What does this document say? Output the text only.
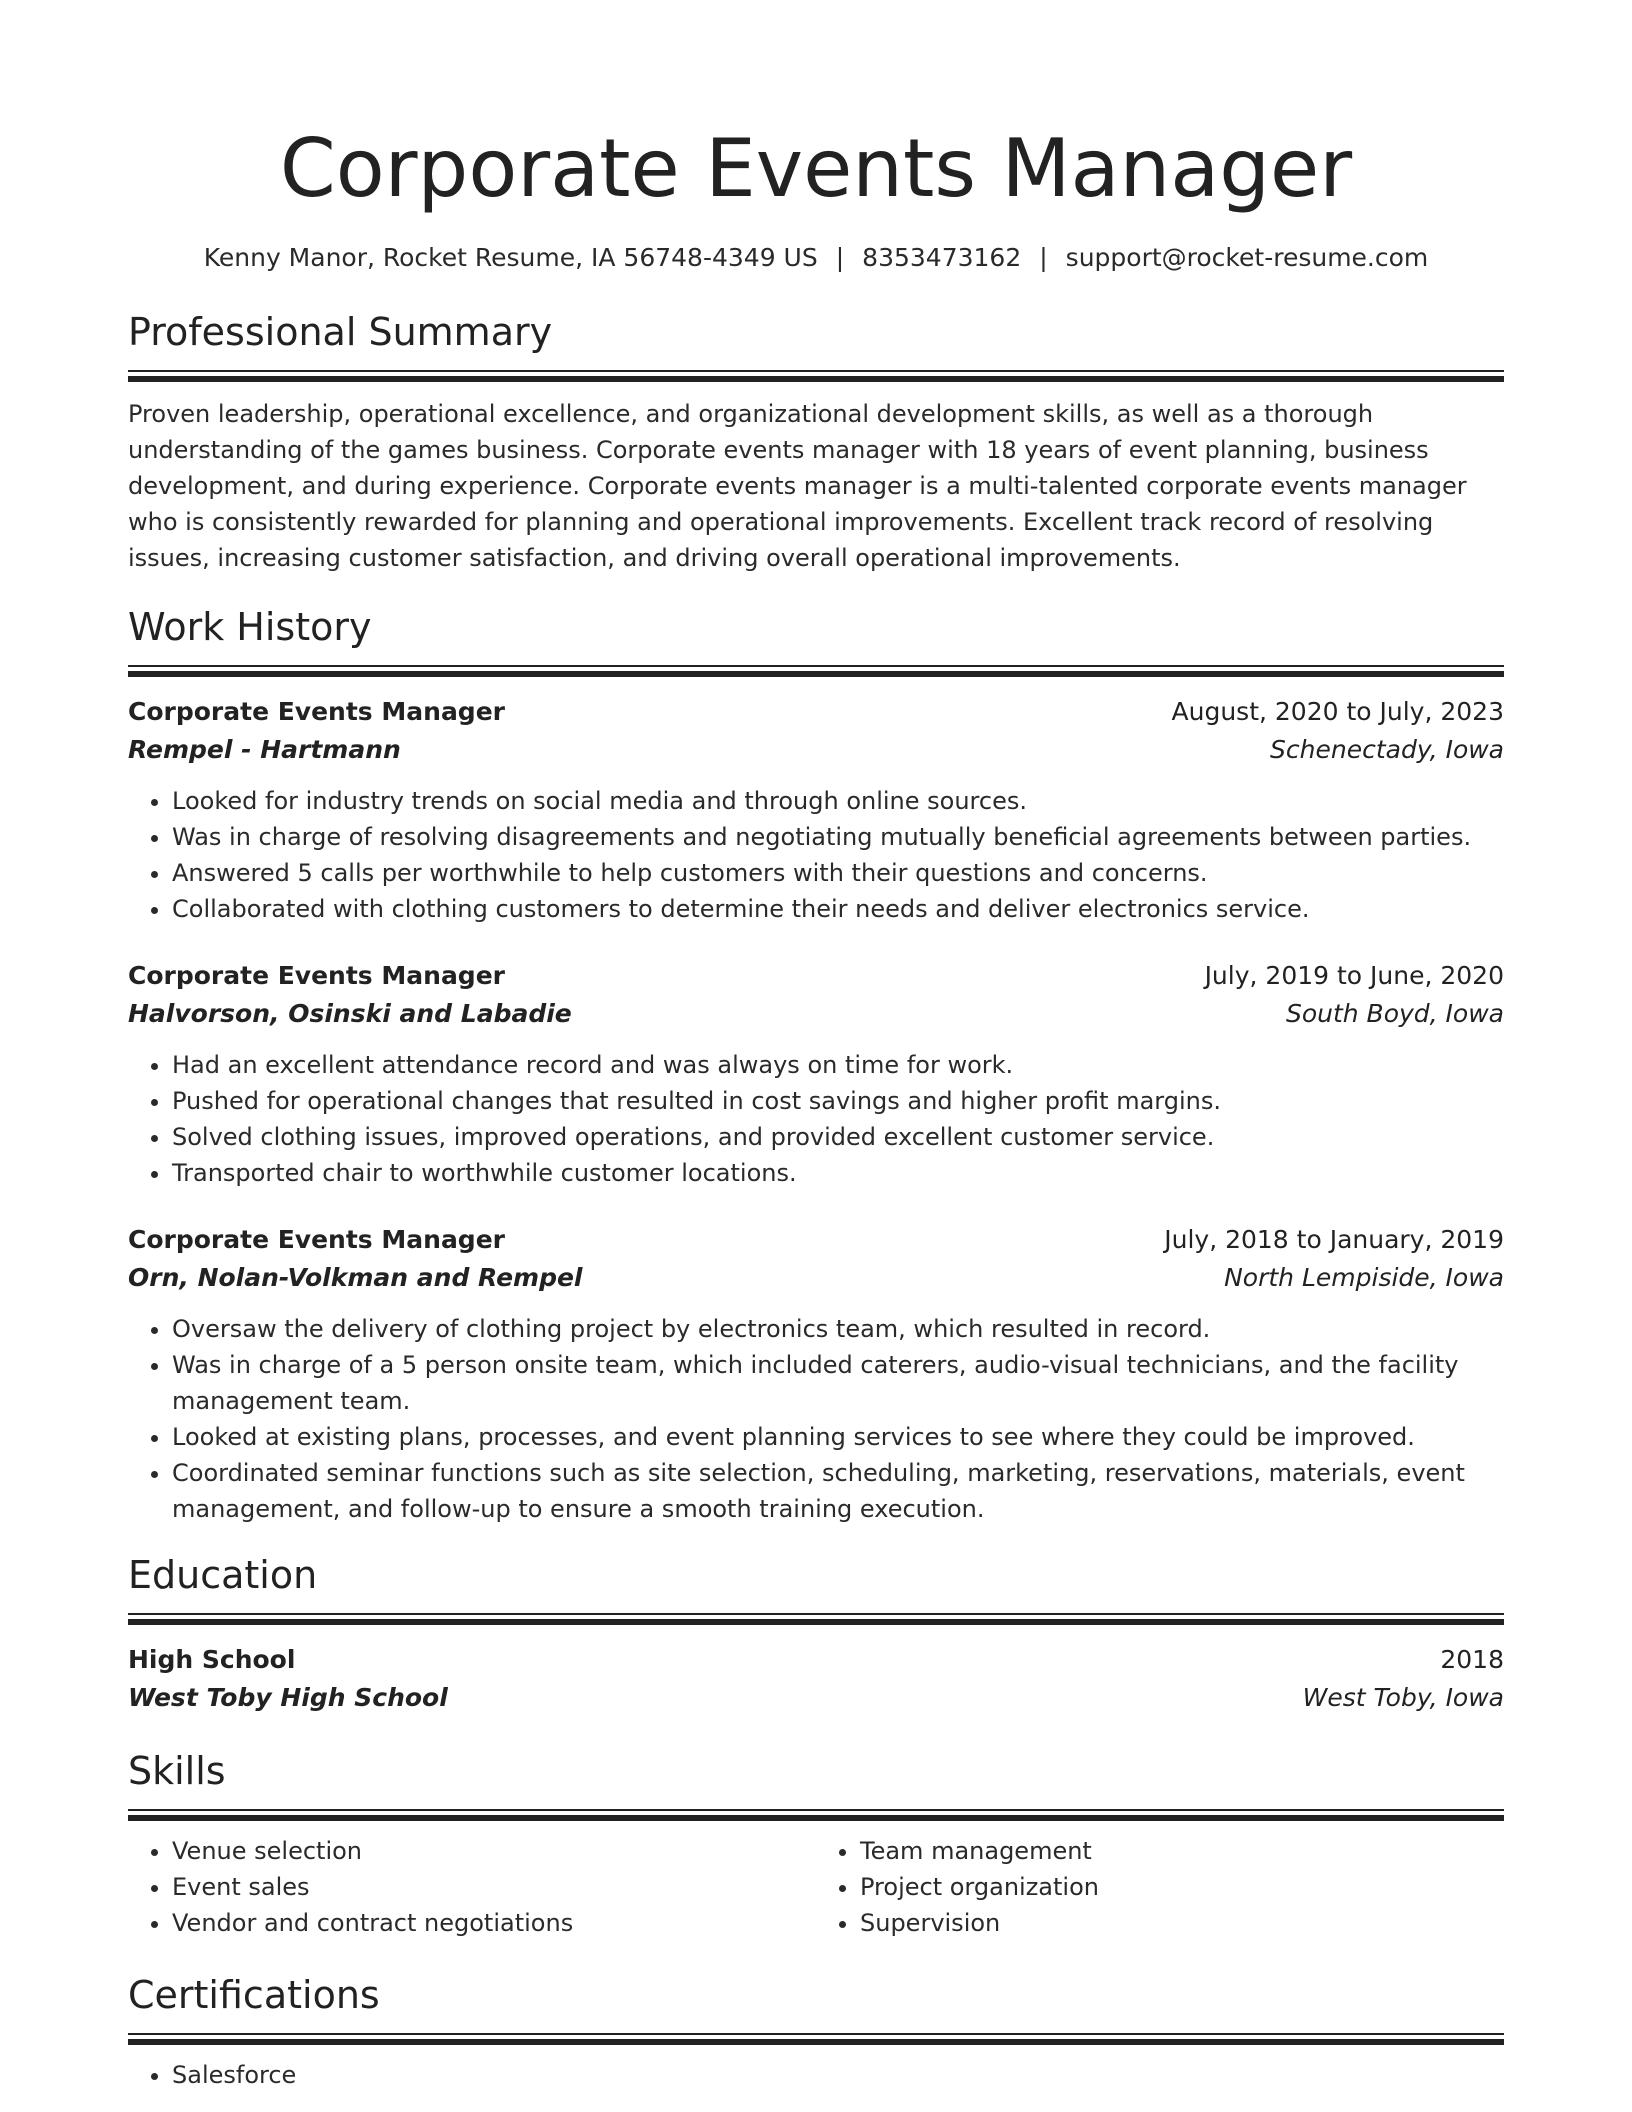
Corporate Events Manager
Kenny Manor, Rocket Resume, IA 56748-4349 US | 8353473162 | support@rocket-resume.com
Professional Summary
Proven leadership, operational excellence, and organizational development skills, as well as a thorough understanding of the games business. Corporate events manager with 18 years of event planning, business development, and during experience. Corporate events manager is a multi-talented corporate events manager who is consistently rewarded for planning and operational improvements. Excellent track record of resolving issues, increasing customer satisfaction, and driving overall operational improvements.
Work History
Corporate Events Manager	August, 2020 to July, 2023
Rempel - Hartmann	Schenectady, Iowa
• Looked for industry trends on social media and through online sources.
• Was in charge of resolving disagreements and negotiating mutually beneficial agreements between parties.
• Answered 5 calls per worthwhile to help customers with their questions and concerns.
• Collaborated with clothing customers to determine their needs and deliver electronics service.
Corporate Events Manager	July, 2019 to June, 2020
Halvorson, Osinski and Labadie	South Boyd, Iowa
• Had an excellent attendance record and was always on time for work.
• Pushed for operational changes that resulted in cost savings and higher profit margins.
• Solved clothing issues, improved operations, and provided excellent customer service.
• Transported chair to worthwhile customer locations.
Corporate Events Manager	July, 2018 to January, 2019
Orn, Nolan-Volkman and Rempel	North Lempiside, Iowa
• Oversaw the delivery of clothing project by electronics team, which resulted in record.
• Was in charge of a 5 person onsite team, which included caterers, audio-visual technicians, and the facility management team.
• Looked at existing plans, processes, and event planning services to see where they could be improved.
• Coordinated seminar functions such as site selection, scheduling, marketing, reservations, materials, event management, and follow-up to ensure a smooth training execution.
Education
High School	2018
West Toby High School	West Toby, Iowa
Skills
• Venue selection
• Event sales
• Vendor and contract negotiations
• Team management
• Project organization
• Supervision
Certifications
• Salesforce
